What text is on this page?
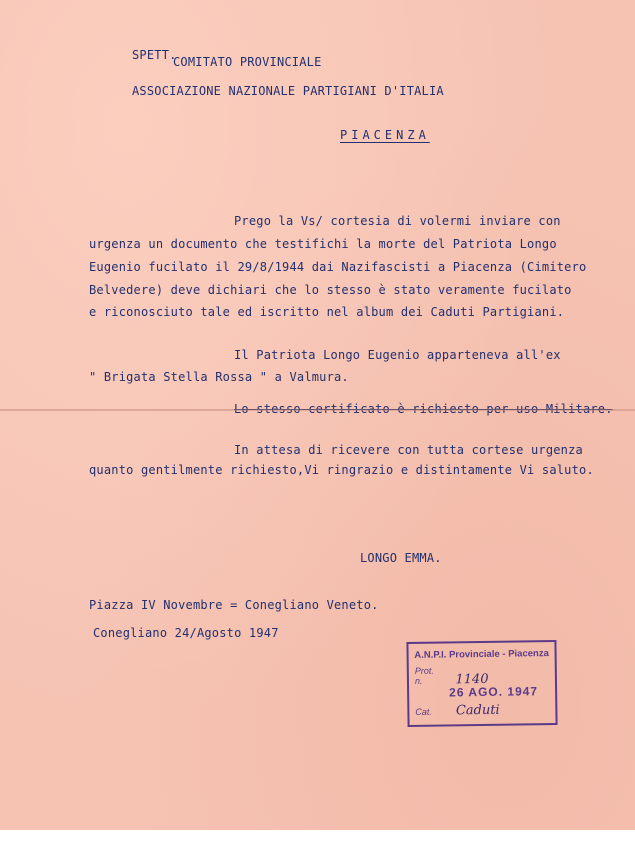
SPETT.
COMITATO PROVINCIALE
ASSOCIAZIONE NAZIONALE PARTIGIANI D'ITALIA
PIACENZA
Prego la Vs/ cortesia di volermi inviare con
urgenza un documento che testifichi la morte del Patriota Longo
Eugenio fucilato il 29/8/1944 dai Nazifascisti a Piacenza (Cimitero
Belvedere) deve dichiari che lo stesso è stato veramente fucilato
e riconosciuto tale ed iscritto nel album dei Caduti Partigiani.
Il Patriota Longo Eugenio apparteneva all'ex
" Brigata Stella Rossa " a Valmura.
Lo stesso certificato è richiesto per uso Militare.
In attesa di ricevere con tutta cortese urgenza
quanto gentilmente richiesto,Vi ringrazio e distintamente Vi saluto.
LONGO EMMA.
Piazza IV Novembre = Conegliano Veneto.
Conegliano 24/Agosto 1947
A.N.P.I. Provinciale - Piacenza
Prot. n.	1140
26 AGO. 1947
Cat. Caduti
